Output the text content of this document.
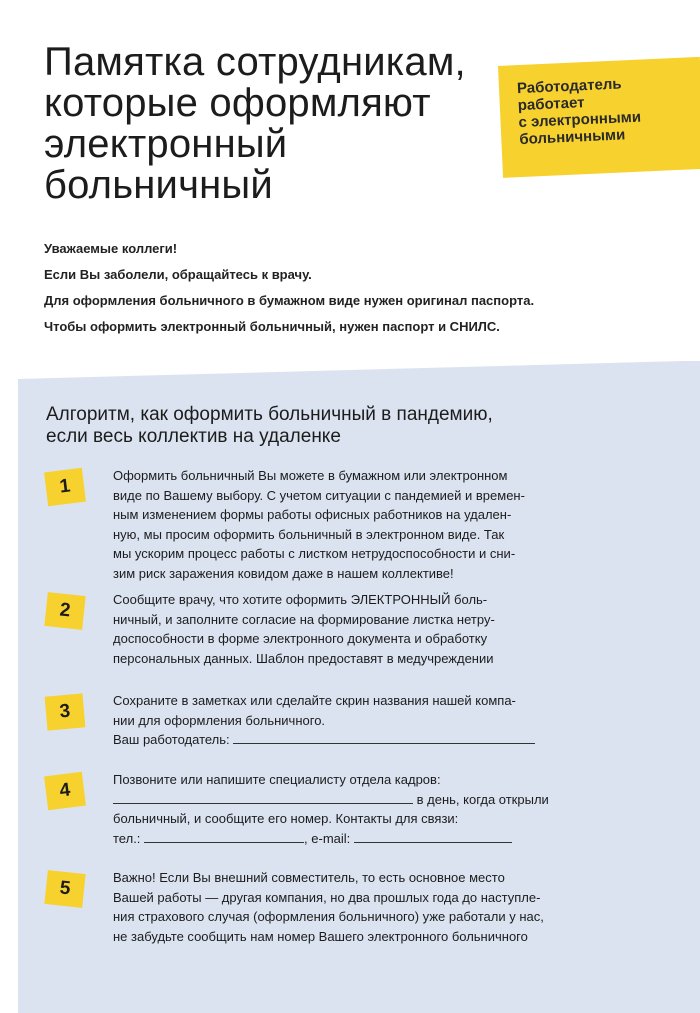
Памятка сотрудникам,
которые оформляют
электронный
больничный
Работодатель
работает
с электронными
больничными
Уважаемые коллеги!
Если Вы заболели, обращайтесь к врачу.
Для оформления больничного в бумажном виде нужен оригинал паспорта.
Чтобы оформить электронный больничный, нужен паспорт и СНИЛС.
Алгоритм, как оформить больничный в пандемию,
если весь коллектив на удаленке
1	Оформить больничный Вы можете в бумажном или электронном
виде по Вашему выбору. С учетом ситуации с пандемией и времен-
ным изменением формы работы офисных работников на удален-
ную, мы просим оформить больничный в электронном виде. Так
мы ускорим процесс работы с листком нетрудоспособности и сни-
зим риск заражения ковидом даже в нашем коллективе!
2
Сообщите врачу, что хотите оформить ЭЛЕКТРОННЫЙ боль-
ничный, и заполните согласие на формирование листка нетру-
доспособности в форме электронного документа и обработку
персональных данных. Шаблон предоставят в медучреждении
3
Сохраните в заметках или сделайте скрин названия нашей компа-
нии для оформления больничного.
Ваш работодатель:
4	Позвоните или напишите специалисту отдела кадров:
в день, когда открыли
больничный, и сообщите его номер. Контакты для связи:
тел.:	, e-mail:
5
Важно! Если Вы внешний совместитель, то есть основное место
Вашей работы — другая компания, но два прошлых года до наступле-
ния страхового случая (оформления больничного) уже работали у нас,
не забудьте сообщить нам номер Вашего электронного больничного
